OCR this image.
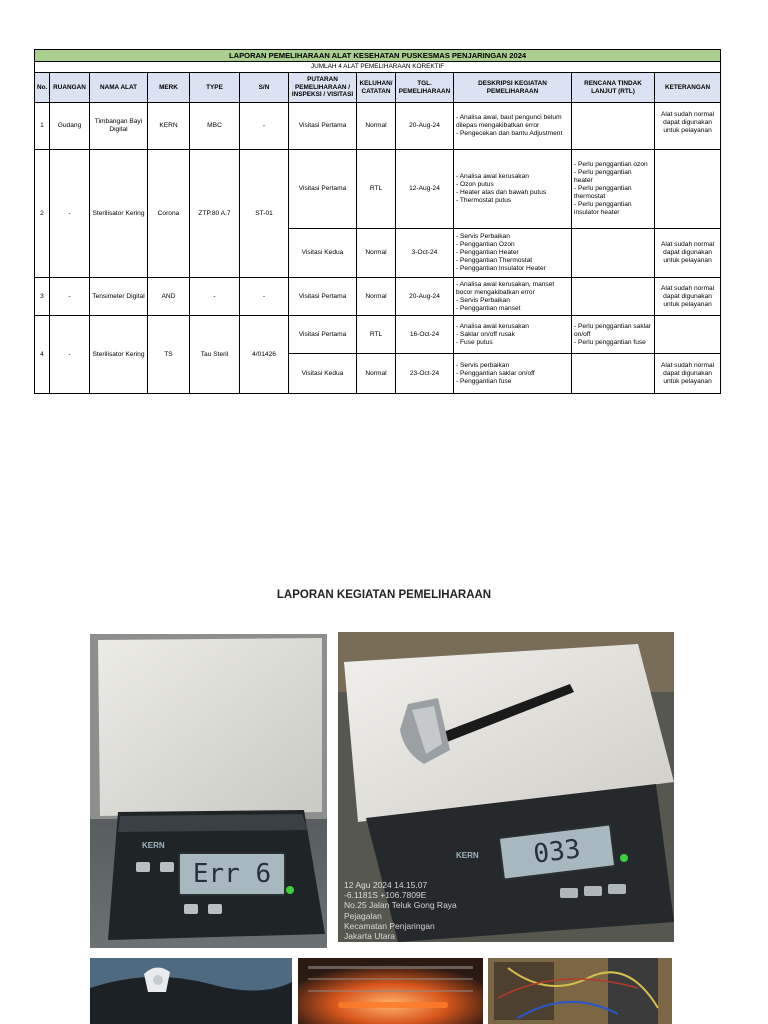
LAPORAN PEMELIHARAAN ALAT KESEHATAN PUSKESMAS PENJARINGAN 2024											
JUMLAH 4 ALAT PEMELIHARAAN KOREKTIF											
No.	RUANGAN	NAMA ALAT	MERK	TYPE	S/N	PUTARAN PEMELIHARAAN / INSPEKSI / VISITASI	KELUHAN/ CATATAN	TGL. PEMELIHARAAN	DESKRIPSI KEGIATAN PEMELIHARAAN	RENCANA TINDAK LANJUT (RTL)	KETERANGAN
1	Gudang	Timbangan Bayi Digital	KERN	MBC	-	Visitasi Pertama	Normal	20-Aug-24	- Analisa awal, baut pengunci belum dilepas mengakibatkan error
- Pengecekan dan bantu Adjustment		Alat sudah normal dapat digunakan untuk pelayanan
2	-	Sterilisator Kering	Corona	ZTP.80 A.7	ST-01	Visitasi Pertama	RTL	12-Aug-24	- Analisa awal kerusakan
- Ozon putus
- Heater atas dan bawah putus
- Thermostat putus	- Perlu penggantian ozon
- Perlu penggantian heater
- Perlu penggantian thermostat
- Perlu penggantian insulator heater	
						Visitasi Kedua	Normal	3-Oct-24	- Servis Perbaikan
- Penggantian Ozon
- Penggantian Heater
- Penggantian Thermostat
- Penggantian Insulator Heater		Alat sudah normal dapat digunakan untuk pelayanan
3	-	Tensimeter Digital	AND	-	-	Visitasi Pertama	Normal	20-Aug-24	- Analisa awal kerusakan, manset bocor mengakibatkan error
- Servis Perbaikan
- Penggantian manset		Alat sudah normal dapat digunakan untuk pelayanan
4	-	Sterilisator Kering	TS	Tau Steril	4/01426	Visitasi Pertama	RTL	16-Oct-24	- Analisa awal kerusakan
- Saklar on/off rusak
- Fuse putus	- Perlu penggantian saklar on/off
- Perlu penggantian fuse	
						Visitasi Kedua	Normal	23-Oct-24	- Servis perbaikan
- Penggantian saklar on/off
- Penggantian fuse		Alat sudah normal dapat digunakan untuk pelayanan
LAPORAN KEGIATAN PEMELIHARAAN
KERN
Err 6
KERN	033
12 Agu 2024 14.15.07
-6.1181S +106.7809E
No.25 Jalan Teluk Gong Raya
Pejagalan
Kecamatan Penjaringan
Jakarta Utara
